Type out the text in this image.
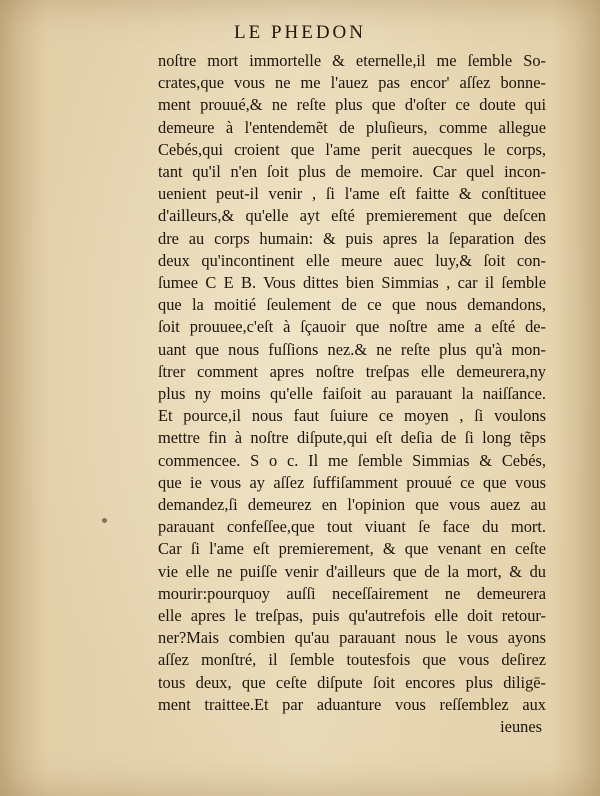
LE PHEDON
noſtre mort immortelle & eternelle,il me ſemble So-
crates,que vous ne me l'auez pas encor' aſſez bonne-
ment prouué,& ne reſte plus que d'oſter ce doute qui
demeure à l'entendemẽt de pluſieurs, comme allegue
Cebés,qui croient que l'ame perit auecques le corps,
tant qu'il n'en ſoit plus de memoire. Car quel incon-
uenient peut-il venir , ſi l'ame eſt faitte & conſtituee
d'ailleurs,& qu'elle ayt eſté premierement que deſcen
dre au corps humain: & puis apres la ſeparation des
deux qu'incontinent elle meure auec luy,& ſoit con-
ſumee C E B. Vous dittes bien Simmias , car il ſemble
que la moitié ſeulement de ce que nous demandons,
ſoit prouuee,c'eſt à ſçauoir que noſtre ame a eſté de-
uant que nous fuſſions nez.& ne reſte plus qu'à mon-
ſtrer comment apres noſtre treſpas elle demeurera,ny
plus ny moins qu'elle faiſoit au parauant la naiſſance.
Et pource,il nous faut ſuiure ce moyen , ſi voulons
mettre fin à noſtre diſpute,qui eſt deſia de ſi long tẽps
commencee. S o c. Il me ſemble Simmias & Cebés,
que ie vous ay aſſez ſuffiſamment prouué ce que vous
demandez,ſi demeurez en l'opinion que vous auez au
parauant confeſſee,que tout viuant ſe face du mort.
Car ſi l'ame eſt premierement, & que venant en ceſte
vie elle ne puiſſe venir d'ailleurs que de la mort, & du
mourir:pourquoy auſſi neceſſairement ne demeurera
elle apres le treſpas, puis qu'autrefois elle doit retour-
ner?Mais combien qu'au parauant nous le vous ayons
aſſez monſtré, il ſemble toutesfois que vous deſirez
tous deux, que ceſte diſpute ſoit encores plus diligē-
ment traittee.Et par aduanture vous reſſemblez aux
ieunes
